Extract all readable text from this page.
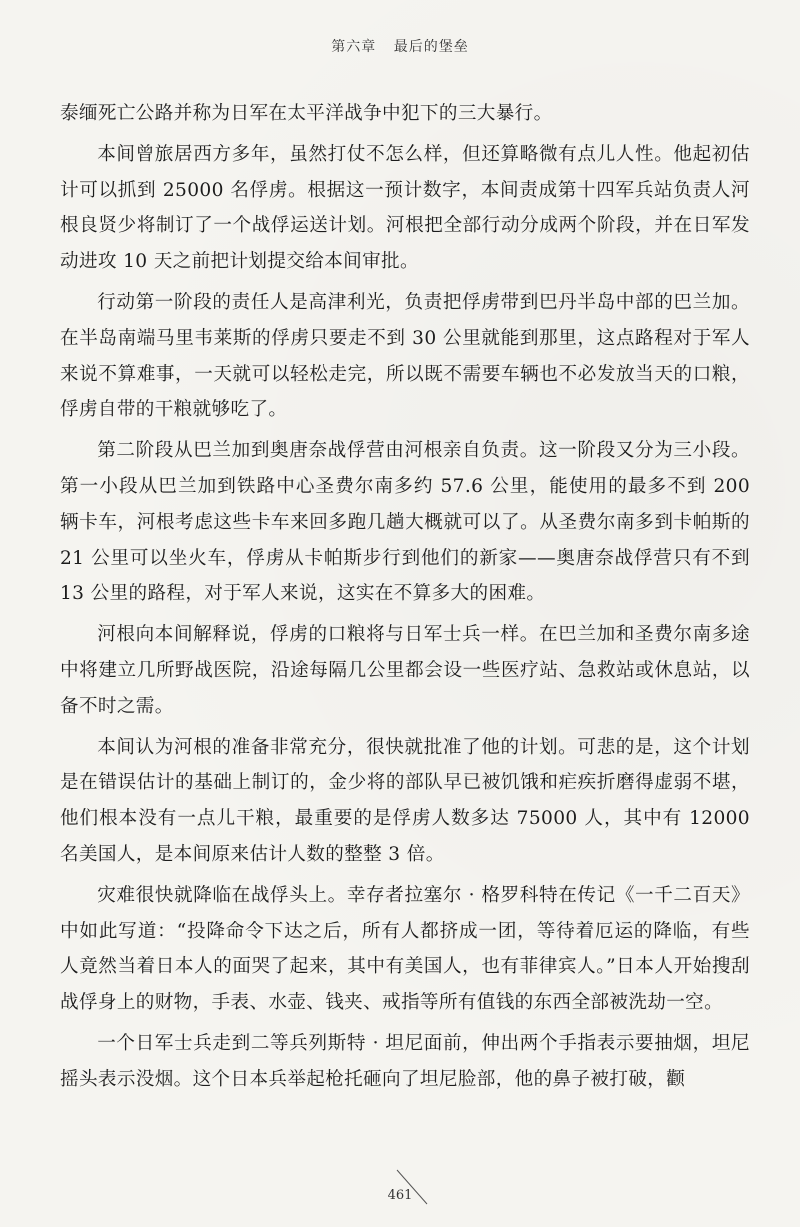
第六章 最后的堡垒

泰缅死亡公路并称为日军在太平洋战争中犯下的三大暴行。

本间曾旅居西方多年，虽然打仗不怎么样，但还算略微有点儿人性。他起初估计可以抓到 25000 名俘虏。根据这一预计数字，本间责成第十四军兵站负责人河根良贤少将制订了一个战俘运送计划。河根把全部行动分成两个阶段，并在日军发动进攻 10 天之前把计划提交给本间审批。

行动第一阶段的责任人是高津利光，负责把俘虏带到巴丹半岛中部的巴兰加。在半岛南端马里韦莱斯的俘虏只要走不到 30 公里就能到那里，这点路程对于军人来说不算难事，一天就可以轻松走完，所以既不需要车辆也不必发放当天的口粮，俘虏自带的干粮就够吃了。

第二阶段从巴兰加到奥唐奈战俘营由河根亲自负责。这一阶段又分为三小段。第一小段从巴兰加到铁路中心圣费尔南多约 57.6 公里，能使用的最多不到 200 辆卡车，河根考虑这些卡车来回多跑几趟大概就可以了。从圣费尔南多到卡帕斯的 21 公里可以坐火车，俘虏从卡帕斯步行到他们的新家——奥唐奈战俘营只有不到 13 公里的路程，对于军人来说，这实在不算多大的困难。

河根向本间解释说，俘虏的口粮将与日军士兵一样。在巴兰加和圣费尔南多途中将建立几所野战医院，沿途每隔几公里都会设一些医疗站、急救站或休息站，以备不时之需。

本间认为河根的准备非常充分，很快就批准了他的计划。可悲的是，这个计划是在错误估计的基础上制订的，金少将的部队早已被饥饿和疟疾折磨得虚弱不堪，他们根本没有一点儿干粮，最重要的是俘虏人数多达 75000 人，其中有 12000 名美国人，是本间原来估计人数的整整 3 倍。

灾难很快就降临在战俘头上。幸存者拉塞尔 · 格罗科特在传记《一千二百天》中如此写道：“投降命令下达之后，所有人都挤成一团，等待着厄运的降临，有些人竟然当着日本人的面哭了起来，其中有美国人，也有菲律宾人。”日本人开始搜刮战俘身上的财物，手表、水壶、钱夹、戒指等所有值钱的东西全部被洗劫一空。

一个日军士兵走到二等兵列斯特 · 坦尼面前，伸出两个手指表示要抽烟，坦尼摇头表示没烟。这个日本兵举起枪托砸向了坦尼脸部，他的鼻子被打破，颧

461
